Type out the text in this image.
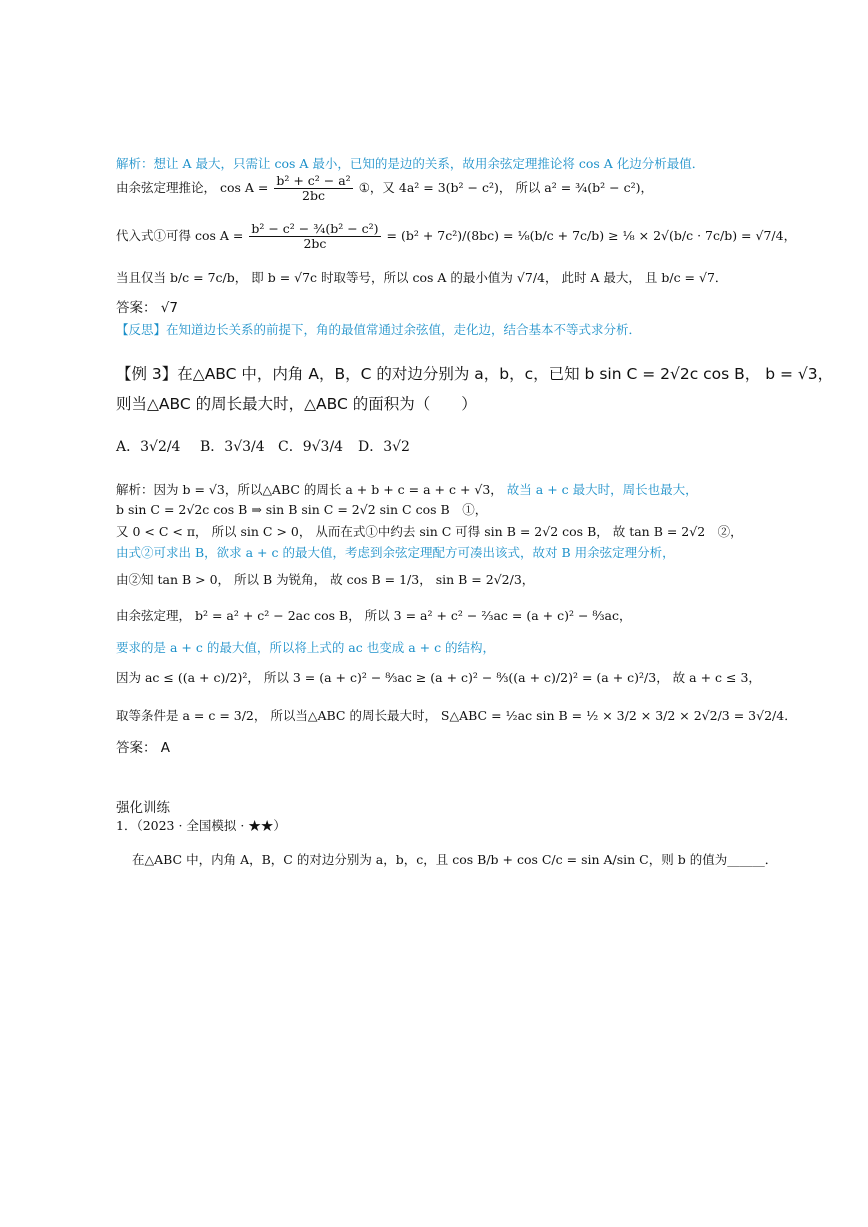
解析：想让 A 最大，只需让 cos A 最小，已知的是边的关系，故用余弦定理推论将 cos A 化边分析最值．
由余弦定理推论， $\cos A = \frac{\text{b² + c² − a²}}{2bc}$ ①，又 4a² = 3(b² − c²)， 所以 a² = ¾(b² − c²)，
代入式①可得 $\cos A = \frac{\text{b² − c² − ¾(b² − c²)}}{2bc} = (b^2 + 7c^2)/(8bc)$ = ⅛(b/c + 7c/b) ≥ ⅛ × 2√(b/c · 7c/b) = √7/4，
当且仅当 b/c = 7c/b， 即 b = √7c 时取等号，所以 cos A 的最小值为 √7/4， 此时 A 最大， 且 b/c = √7．
答案： √7
【反思】在知道边长关系的前提下，角的最值常通过余弦值，走化边，结合基本不等式求分析．
【例 3】在△ABC 中，内角 A，B，C 的对边分别为 a，b，c，已知 b sin C = 2√2c cos B， b = √3，
则当△ABC 的周长最大时，△ABC 的面积为（　　）
A．3√2/4 B．3√3/4 C．9√3/4 D．3√2
解析：因为 b = √3，所以△ABC 的周长 a + b + c = a + c + √3， 故当 a + c 最大时，周长也最大，
b sin C = 2√2c cos B ⇒ sin B sin C = 2√2 sin C cos B　①，
又 0 < C < π， 所以 sin C > 0， 从而在式①中约去 sin C 可得 sin B = 2√2 cos B， 故 tan B = 2√2　②，
由式②可求出 B，欲求 a + c 的最大值，考虑到余弦定理配方可凑出该式，故对 B 用余弦定理分析，
由②知 tan B > 0， 所以 B 为锐角， 故 cos B = 1/3， sin B = 2√2/3，
由余弦定理， b² = a² + c² − 2ac cos B， 所以 3 = a² + c² − ⅔ac = (a + c)² − ⁸⁄₃ac，
要求的是 a + c 的最大值，所以将上式的 ac 也变成 a + c 的结构，
因为 ac ≤ ((a + c)/2)²， 所以 3 = (a + c)² − ⁸⁄₃ac ≥ (a + c)² − ⁸⁄₃((a + c)/2)² = (a + c)²/3， 故 a + c ≤ 3，
取等条件是 a = c = 3/2， 所以当△ABC 的周长最大时， S△ABC = ½ac sin B = ½ × 3/2 × 3/2 × 2√2/3 = 3√2/4．
答案： A
强化训练
1．（2023 · 全国模拟 · ★★）
在△ABC 中，内角 A，B，C 的对边分别为 a，b，c，且 cos B/b + cos C/c = sin A/sin C，则 b 的值为______．
